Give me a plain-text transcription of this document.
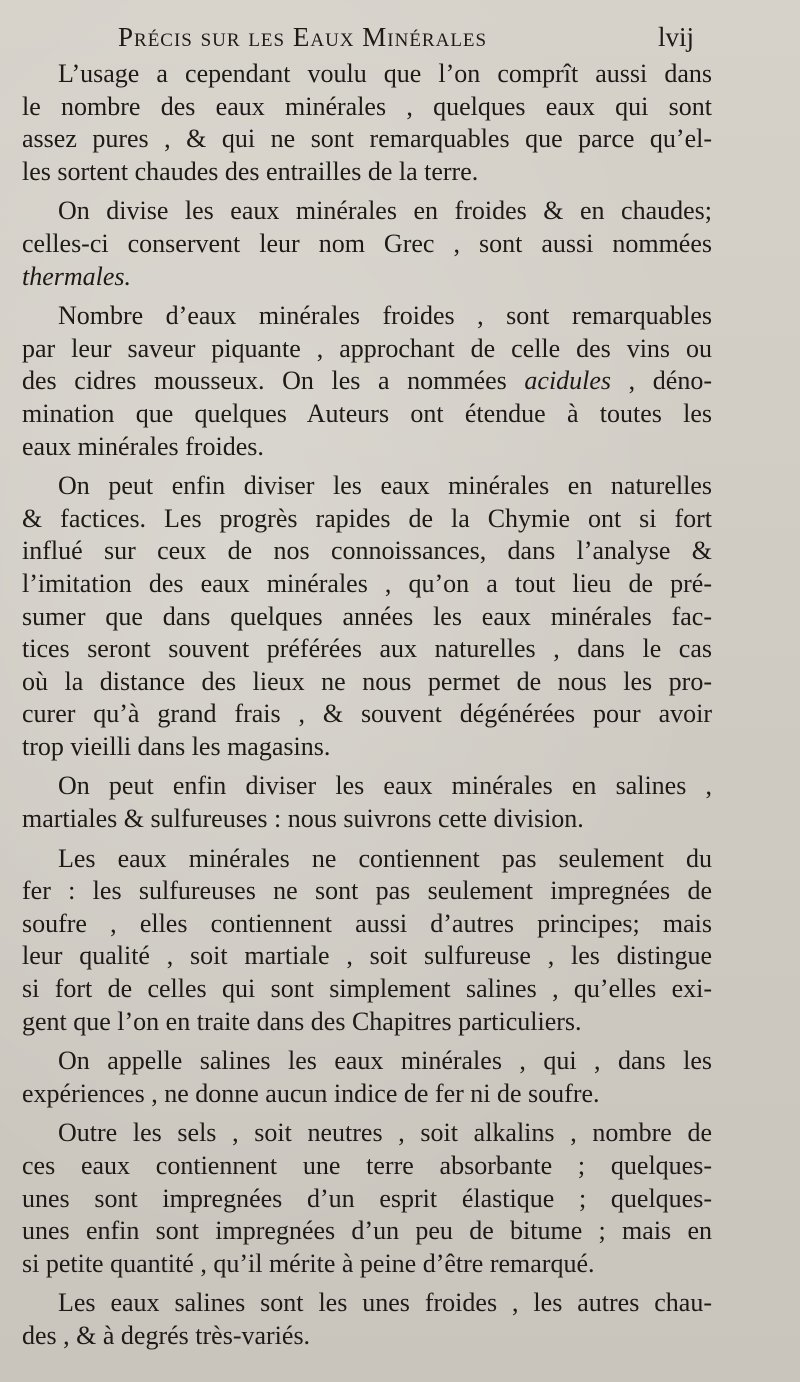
Précis sur les Eaux Minérales	lvij
L’usage a cependant voulu que l’on comprît aussi dans
le nombre des eaux minérales , quelques eaux qui sont
assez pures , & qui ne sont remarquables que parce qu’el-
les sortent chaudes des entrailles de la terre.
On divise les eaux minérales en froides & en chaudes;
celles-ci conservent leur nom Grec , sont aussi nommées
thermales.
Nombre d’eaux minérales froides , sont remarquables
par leur saveur piquante , approchant de celle des vins ou
des cidres mousseux. On les a nommées acidules , déno-
mination que quelques Auteurs ont étendue à toutes les
eaux minérales froides.
On peut enfin diviser les eaux minérales en naturelles
& factices. Les progrès rapides de la Chymie ont si fort
influé sur ceux de nos connoissances, dans l’analyse &
l’imitation des eaux minérales , qu’on a tout lieu de pré-
sumer que dans quelques années les eaux minérales fac-
tices seront souvent préférées aux naturelles , dans le cas
où la distance des lieux ne nous permet de nous les pro-
curer qu’à grand frais , & souvent dégénérées pour avoir
trop vieilli dans les magasins.
On peut enfin diviser les eaux minérales en salines ,
martiales & sulfureuses : nous suivrons cette division.
Les eaux minérales ne contiennent pas seulement du
fer : les sulfureuses ne sont pas seulement impregnées de
soufre , elles contiennent aussi d’autres principes; mais
leur qualité , soit martiale , soit sulfureuse , les distingue
si fort de celles qui sont simplement salines , qu’elles exi-
gent que l’on en traite dans des Chapitres particuliers.
On appelle salines les eaux minérales , qui , dans les
expériences , ne donne aucun indice de fer ni de soufre.
Outre les sels , soit neutres , soit alkalins , nombre de
ces eaux contiennent une terre absorbante ; quelques-
unes sont impregnées d’un esprit élastique ; quelques-
unes enfin sont impregnées d’un peu de bitume ; mais en
si petite quantité , qu’il mérite à peine d’être remarqué.
Les eaux salines sont les unes froides , les autres chau-
des , & à degrés très-variés.
